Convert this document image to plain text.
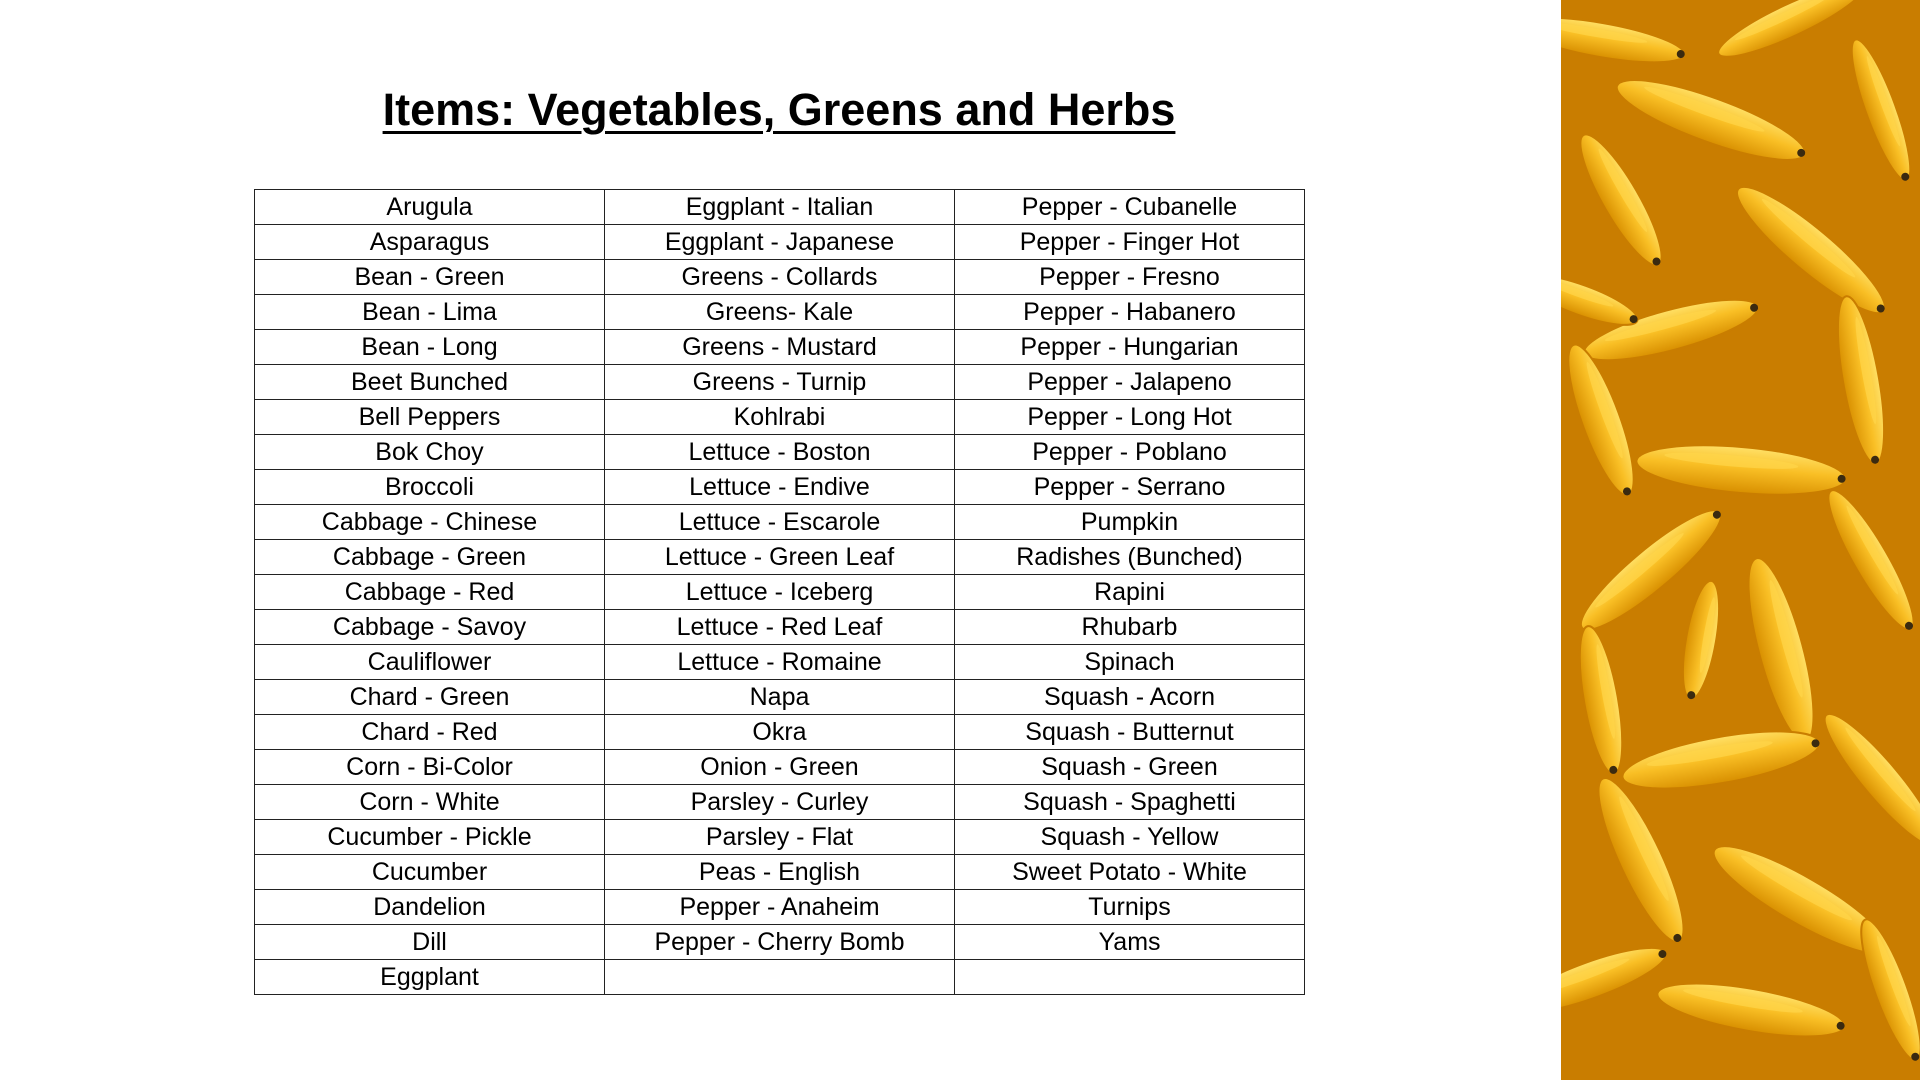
Items: Vegetables, Greens and Herbs
Arugula	Eggplant - Italian	Pepper - Cubanelle
Asparagus	Eggplant - Japanese	Pepper - Finger Hot
Bean - Green	Greens - Collards	Pepper - Fresno
Bean - Lima	Greens- Kale	Pepper - Habanero
Bean - Long	Greens - Mustard	Pepper - Hungarian
Beet Bunched	Greens - Turnip	Pepper - Jalapeno
Bell Peppers	Kohlrabi	Pepper - Long Hot
Bok Choy	Lettuce - Boston	Pepper - Poblano
Broccoli	Lettuce - Endive	Pepper - Serrano
Cabbage - Chinese	Lettuce - Escarole	Pumpkin
Cabbage - Green	Lettuce - Green Leaf	Radishes (Bunched)
Cabbage - Red	Lettuce - Iceberg	Rapini
Cabbage - Savoy	Lettuce - Red Leaf	Rhubarb
Cauliflower	Lettuce - Romaine	Spinach
Chard - Green	Napa	Squash - Acorn
Chard - Red	Okra	Squash - Butternut
Corn - Bi-Color	Onion - Green	Squash - Green
Corn - White	Parsley - Curley	Squash - Spaghetti
Cucumber - Pickle	Parsley - Flat	Squash - Yellow
Cucumber	Peas - English	Sweet Potato - White
Dandelion	Pepper - Anaheim	Turnips
Dill	Pepper - Cherry Bomb	Yams
Eggplant		
